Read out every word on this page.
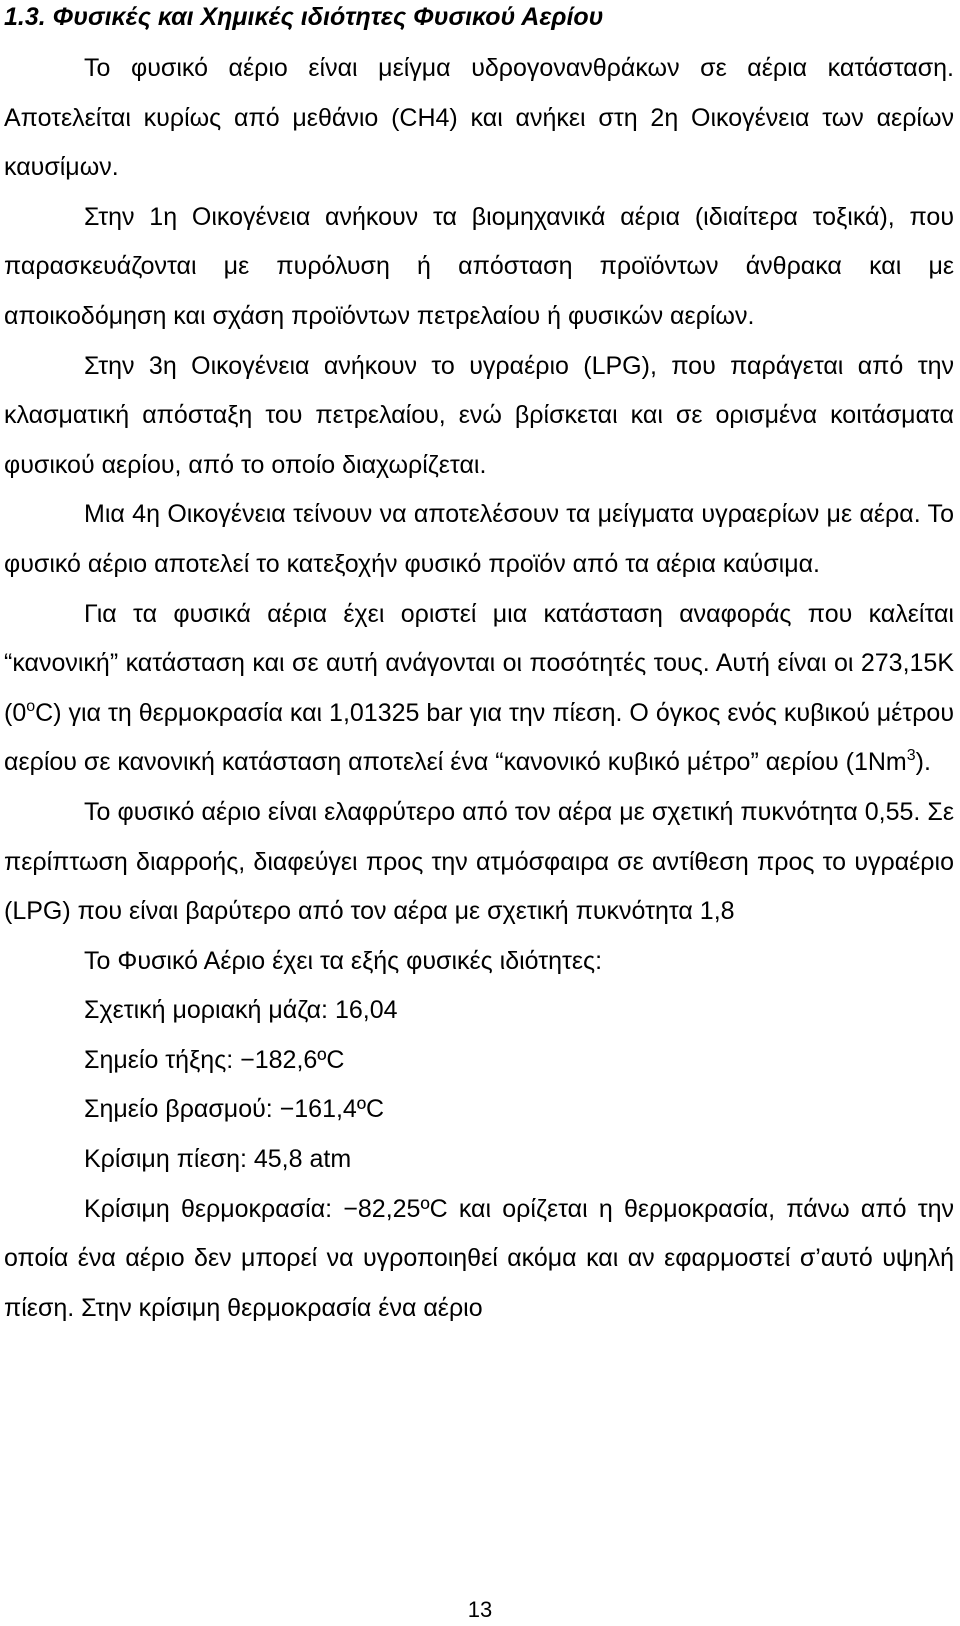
1.3. Φυσικές και Χημικές ιδιότητες Φυσικού Αερίου

Το φυσικό αέριο είναι μείγμα υδρογονανθράκων σε αέρια κατάσταση. Αποτελείται κυρίως από μεθάνιο (CH4) και ανήκει στη 2η Οικογένεια των αερίων καυσίμων.

Στην 1η Οικογένεια ανήκουν τα βιομηχανικά αέρια (ιδιαίτερα τοξικά), που παρασκευάζονται με πυρόλυση ή απόσταση προϊόντων άνθρακα και με αποικοδόμηση και σχάση προϊόντων πετρελαίου ή φυσικών αερίων.

Στην 3η Οικογένεια ανήκουν το υγραέριο (LPG), που παράγεται από την κλασματική απόσταξη του πετρελαίου, ενώ βρίσκεται και σε ορισμένα κοιτάσματα φυσικού αερίου, από το οποίο διαχωρίζεται.

Μια 4η Οικογένεια τείνουν να αποτελέσουν τα μείγματα υγραερίων με αέρα. Το φυσικό αέριο αποτελεί το κατεξοχήν φυσικό προϊόν από τα αέρια καύσιμα.

Για τα φυσικά αέρια έχει οριστεί μια κατάσταση αναφοράς που καλείται “κανονική” κατάσταση και σε αυτή ανάγονται οι ποσότητές τους. Αυτή είναι οι 273,15K (0$^o$C) για τη θερμοκρασία και 1,01325 bar για την πίεση. Ο όγκος ενός κυβικού μέτρου αερίου σε κανονική κατάσταση αποτελεί ένα “κανονικό κυβικό μέτρο” αερίου (1Nm$^3$).

Το φυσικό αέριο είναι ελαφρύτερο από τον αέρα με σχετική πυκνότητα 0,55. Σε περίπτωση διαρροής, διαφεύγει προς την ατμόσφαιρα σε αντίθεση προς το υγραέριο (LPG) που είναι βαρύτερο από τον αέρα με σχετική πυκνότητα 1,8

Το Φυσικό Αέριο έχει τα εξής φυσικές ιδιότητες:

Σχετική μοριακή μάζα: 16,04

Σημείο τήξης: −182,6ºC

Σημείο βρασμού: −161,4ºC

Κρίσιμη πίεση: 45,8 atm

Κρίσιμη θερμοκρασία: −82,25ºC και ορίζεται η θερμοκρασία, πάνω από την οποία ένα αέριο δεν μπορεί να υγροποιηθεί ακόμα και αν εφαρμοστεί σ’αυτό υψηλή πίεση. Στην κρίσιμη θερμοκρασία ένα αέριο

13
